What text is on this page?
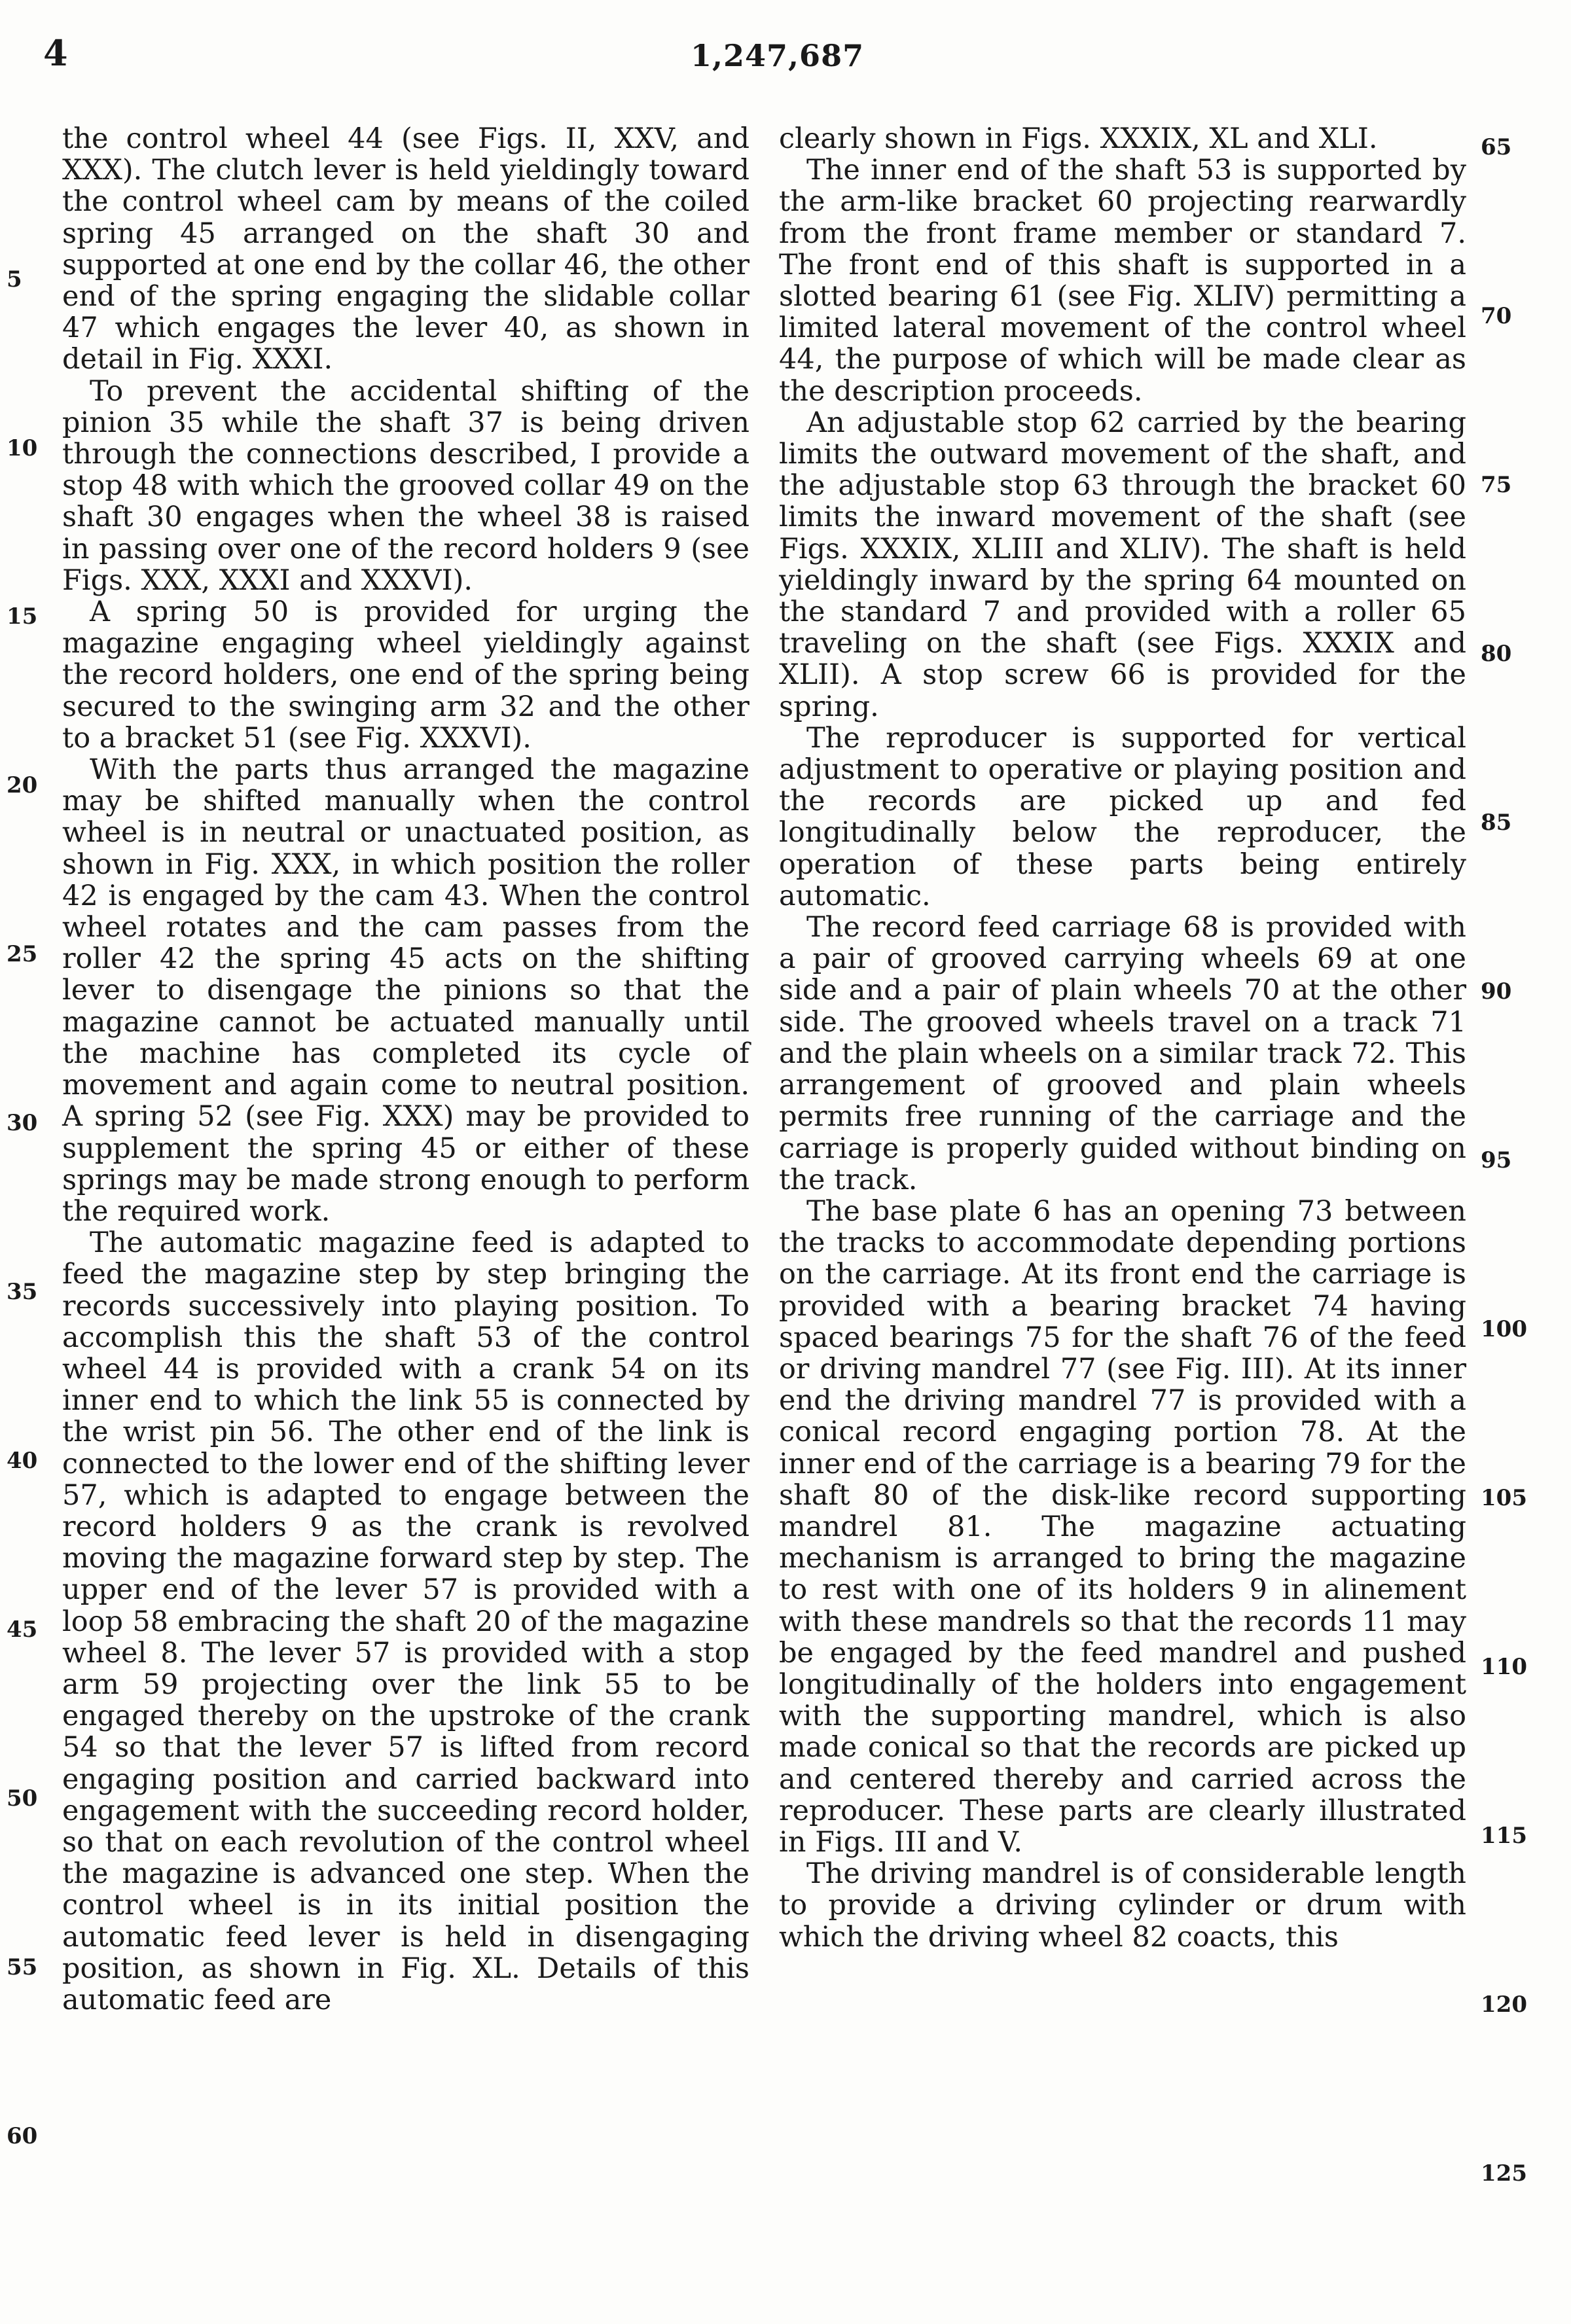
4	1,247,687

the control wheel 44 (see Figs. II, XXV, and XXX). The clutch lever is held yieldingly toward the control wheel cam by means of the coiled spring 45 arranged on the shaft 30 and supported at one end by the collar 46, the other end of the spring engaging the slidable collar 47 which engages the lever 40, as shown in detail in Fig. XXXI.

To prevent the accidental shifting of the pinion 35 while the shaft 37 is being driven through the connections described, I provide a stop 48 with which the grooved collar 49 on the shaft 30 engages when the wheel 38 is raised in passing over one of the record holders 9 (see Figs. XXX, XXXI and XXXVI).

A spring 50 is provided for urging the magazine engaging wheel yieldingly against the record holders, one end of the spring being secured to the swinging arm 32 and the other to a bracket 51 (see Fig. XXXVI).

With the parts thus arranged the magazine may be shifted manually when the control wheel is in neutral or unactuated position, as shown in Fig. XXX, in which position the roller 42 is engaged by the cam 43. When the control wheel rotates and the cam passes from the roller 42 the spring 45 acts on the shifting lever to disengage the pinions so that the magazine cannot be actuated manually until the machine has completed its cycle of movement and again come to neutral position. A spring 52 (see Fig. XXX) may be provided to supplement the spring 45 or either of these springs may be made strong enough to perform the required work.

The automatic magazine feed is adapted to feed the magazine step by step bringing the records successively into playing position. To accomplish this the shaft 53 of the control wheel 44 is provided with a crank 54 on its inner end to which the link 55 is connected by the wrist pin 56. The other end of the link is connected to the lower end of the shifting lever 57, which is adapted to engage between the record holders 9 as the crank is revolved moving the magazine forward step by step. The upper end of the lever 57 is provided with a loop 58 embracing the shaft 20 of the magazine wheel 8. The lever 57 is provided with a stop arm 59 projecting over the link 55 to be engaged thereby on the upstroke of the crank 54 so that the lever 57 is lifted from record engaging position and carried backward into engagement with the succeeding record holder, so that on each revolution of the control wheel the magazine is advanced one step. When the control wheel is in its initial position the automatic feed lever is held in disengaging position, as shown in Fig. XL. Details of this automatic feed are

clearly shown in Figs. XXXIX, XL and XLI.

The inner end of the shaft 53 is supported by the arm-like bracket 60 projecting rearwardly from the front frame member or standard 7. The front end of this shaft is supported in a slotted bearing 61 (see Fig. XLIV) permitting a limited lateral movement of the control wheel 44, the purpose of which will be made clear as the description proceeds.

An adjustable stop 62 carried by the bearing limits the outward movement of the shaft, and the adjustable stop 63 through the bracket 60 limits the inward movement of the shaft (see Figs. XXXIX, XLIII and XLIV). The shaft is held yieldingly inward by the spring 64 mounted on the standard 7 and provided with a roller 65 traveling on the shaft (see Figs. XXXIX and XLII). A stop screw 66 is provided for the spring.

The reproducer is supported for vertical adjustment to operative or playing position and the records are picked up and fed longitudinally below the reproducer, the operation of these parts being entirely automatic.

The record feed carriage 68 is provided with a pair of grooved carrying wheels 69 at one side and a pair of plain wheels 70 at the other side. The grooved wheels travel on a track 71 and the plain wheels on a similar track 72. This arrangement of grooved and plain wheels permits free running of the carriage and the carriage is properly guided without binding on the track.

The base plate 6 has an opening 73 between the tracks to accommodate depending portions on the carriage. At its front end the carriage is provided with a bearing bracket 74 having spaced bearings 75 for the shaft 76 of the feed or driving mandrel 77 (see Fig. III). At its inner end the driving mandrel 77 is provided with a conical record engaging portion 78. At the inner end of the carriage is a bearing 79 for the shaft 80 of the disk-like record supporting mandrel 81. The magazine actuating mechanism is arranged to bring the magazine to rest with one of its holders 9 in alinement with these mandrels so that the records 11 may be engaged by the feed mandrel and pushed longitudinally of the holders into engagement with the supporting mandrel, which is also made conical so that the records are picked up and centered thereby and carried across the reproducer. These parts are clearly illustrated in Figs. III and V.

The driving mandrel is of considerable length to provide a driving cylinder or drum with which the driving wheel 82 coacts, this

5
10
15
20
25
30
35
40
45
50
55
60
65
70
75
80
85
90
95
100
105
110
115
120
125
